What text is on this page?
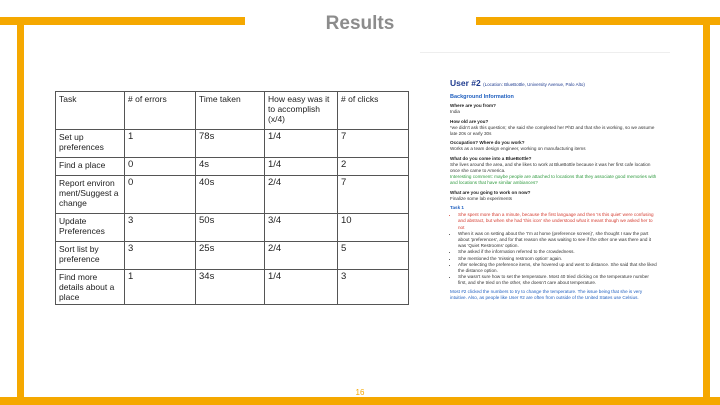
Results
Task	# of errors	Time taken	How easy was it to accomplish (x/4)	# of clicks
Set up preferences	1	78s	1/4	7
Find a place	0	4s	1/4	2
Report environment/Suggest a change	0	40s	2/4	7
Update Preferences	3	50s	3/4	10
Sort list by preference	3	25s	2/4	5
Find more details about a place	1	34s	1/4	3
User #2 (Location: BlueBottle, University Avenue, Palo Alto)
Background Information
Where are you from?
India
How old are you?
*we didn't ask this question; she said she completed her PhD and that she is working, so we assume late 20s or early 30s
Occupation? Where do you work?
Works as a team design engineer, working on manufacturing items
What do you come into a BlueBottle?
She lives around the area, and she likes to work at BlueBottle because it was her first cafe location once she came to America.
Interesting comment: maybe people are attached to locations that they associate good memories with and locations that have similar ambiances?
What are you going to work on now?
Finalize some lab experiments
Task 1
• She spent more than a minute, because the first language and then 'Is this quiet' were confusing and abstract, but when she had 'this icon' she understood what it meant though we asked her to not
• When it was on setting about the 'I'm at home (preference screen)', she thought I saw the part about 'preferences', and for that reason she was waiting to see if the other one was there and it was 'Quiet Restrooms' option.
• She asked if the information referred to the crowdedness.
• She mentioned the 'missing restroom option' again.
• After selecting the preference items, she hovered up and went to distance. She said that she liked the distance option.
• She wasn't sure how to set the temperature. Most 40 tried clicking on the temperature number first, and she tried on the other, she doesn't care about temperature.
Most #2 clicked the numbers to try to change the temperature. The issue being that she is very intuitive. Also, as people like User #2 are often from outside of the United States use Celsius.
16
